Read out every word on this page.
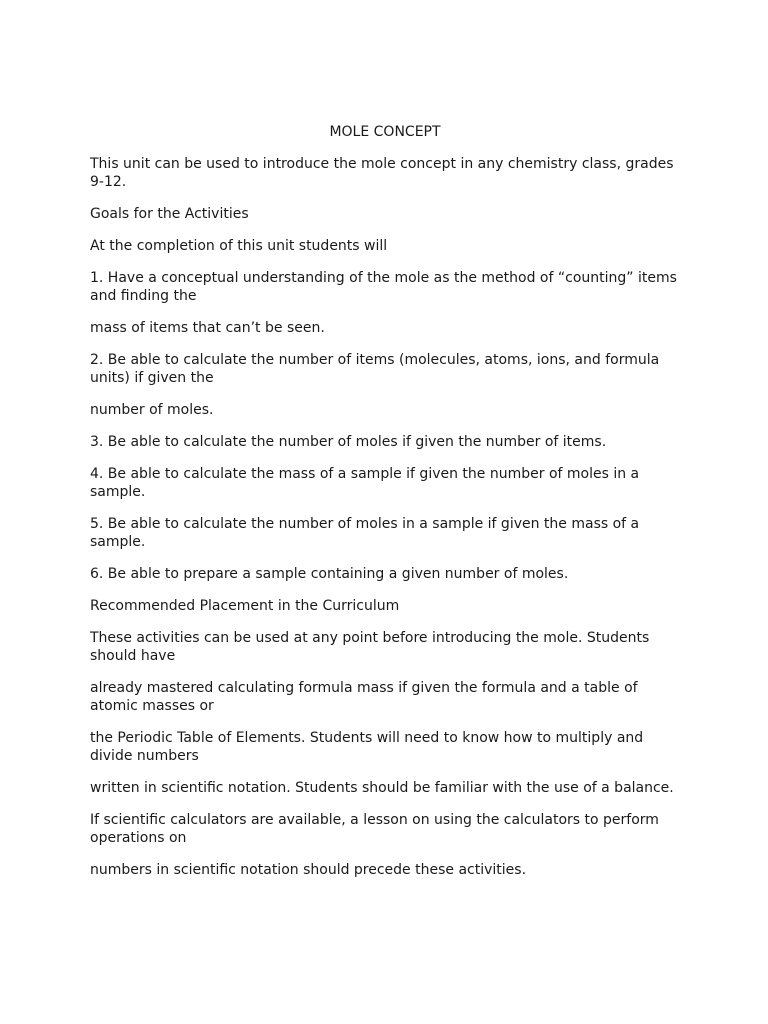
MOLE CONCEPT

This unit can be used to introduce the mole concept in any chemistry class, grades 9-12.

Goals for the Activities

At the completion of this unit students will

1. Have a conceptual understanding of the mole as the method of “counting” items and finding the

mass of items that can’t be seen.

2. Be able to calculate the number of items (molecules, atoms, ions, and formula units) if given the

number of moles.

3. Be able to calculate the number of moles if given the number of items.

4. Be able to calculate the mass of a sample if given the number of moles in a sample.

5. Be able to calculate the number of moles in a sample if given the mass of a sample.

6. Be able to prepare a sample containing a given number of moles.

Recommended Placement in the Curriculum

These activities can be used at any point before introducing the mole. Students should have

already mastered calculating formula mass if given the formula and a table of atomic masses or

the Periodic Table of Elements. Students will need to know how to multiply and divide numbers

written in scientific notation. Students should be familiar with the use of a balance.

If scientific calculators are available, a lesson on using the calculators to perform operations on

numbers in scientific notation should precede these activities.
